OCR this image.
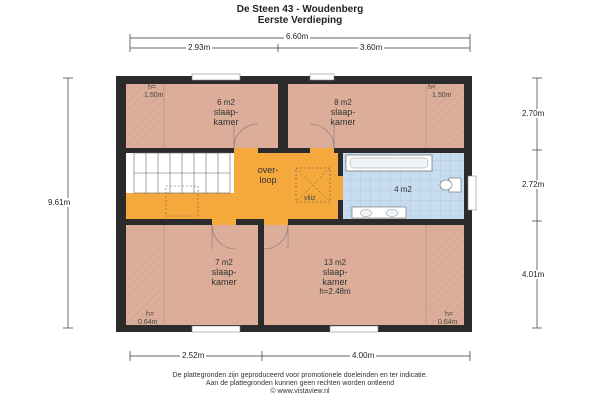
De Steen 43 - Woudenberg
Eerste Verdieping
6.60m
2.93m	3.60m
9.61m
2.70m
2.72m
4.01m
2.52m	4.00m
6 m2
slaap-
kamer
h=
1.50m
8 m2
slaap-
kamer
h<
1.50m
over-
loop
vliiz
4 m2
7 m2
slaap-
kamer
h=
0.64m
13 m2
slaap-
kamer
h=2.48m
h=
0.64m
De plattegronden zijn geproduceerd voor promotionele doeleinden en ter indicatie.
Aan de plattegronden kunnen geen rechten worden ontleend
© www.vistaview.nl
